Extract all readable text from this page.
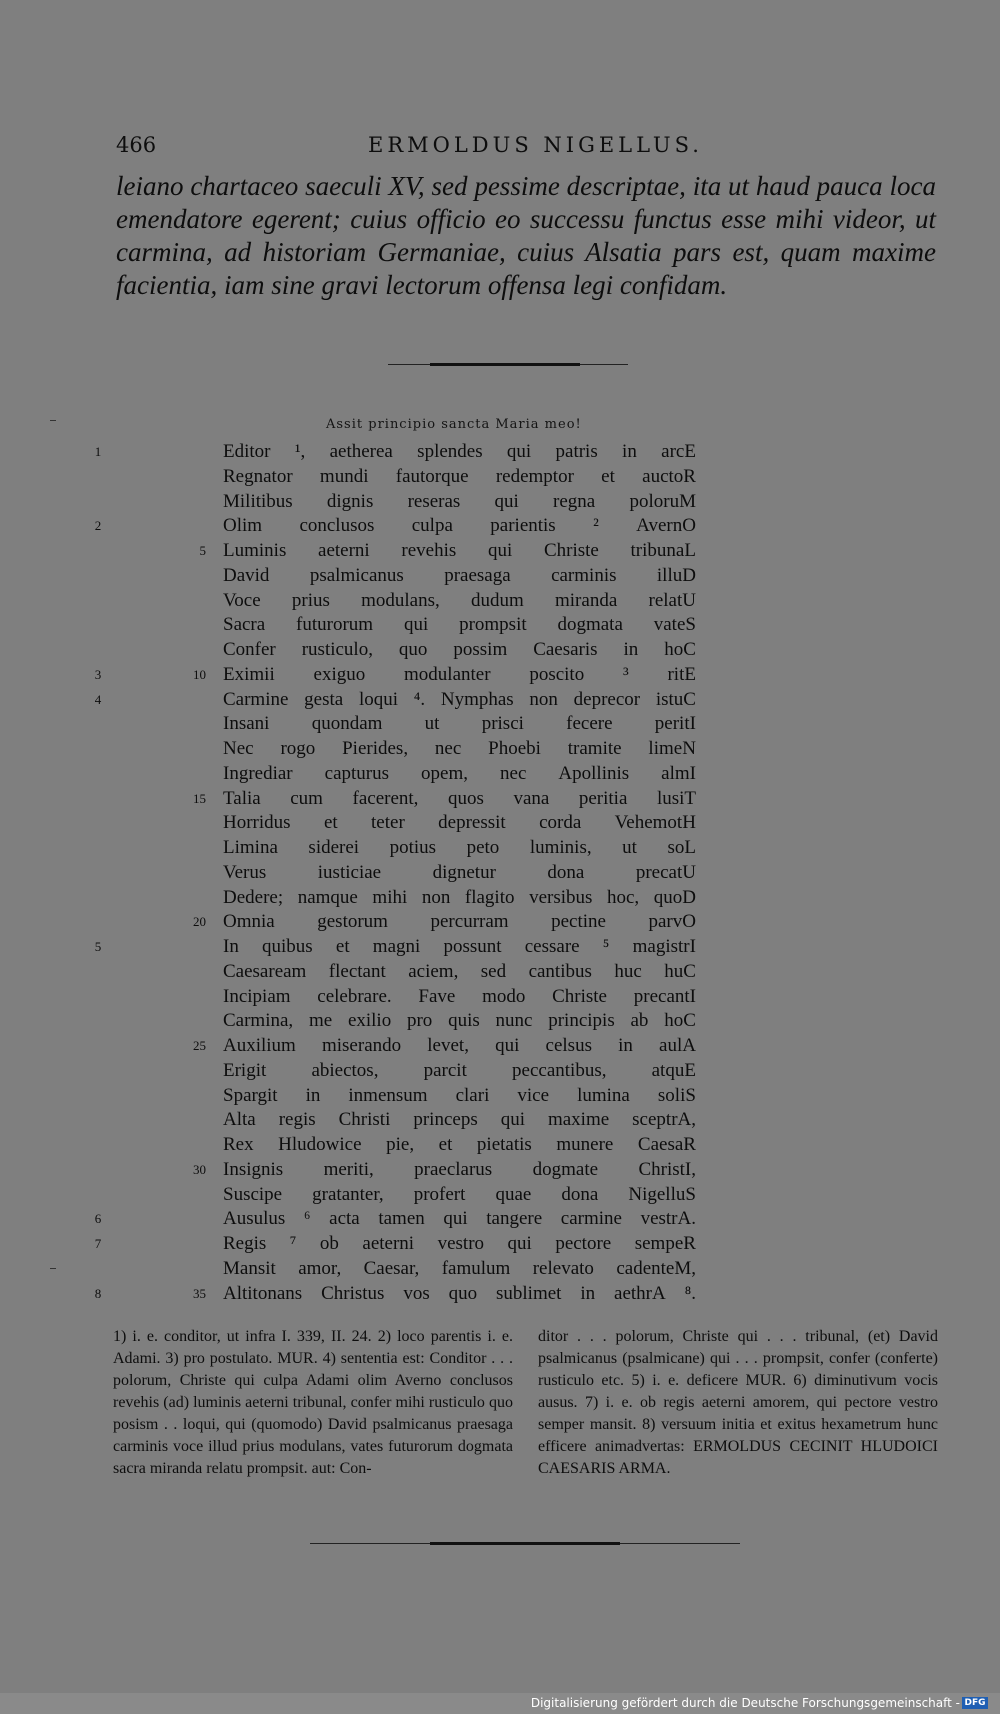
466	ERMOLDUS NIGELLUS.

leiano chartaceo saeculi XV, sed pessime descriptae, ita ut haud pauca loca emendatore egerent; cuius officio eo successu functus esse mihi videor, ut carmina, ad historiam Germaniae, cuius Alsatia pars est, quam maxime facientia, iam sine gravi lectorum offensa legi confidam.

Assit principio sancta Maria meo!
1	Editor ¹, aetherea splendes qui patris in arcE
Regnator mundi fautorque redemptor et auctoR
Militibus dignis reseras qui regna poloruM
2	Olim conclusos culpa parientis ² AvernO
5 Luminis aeterni revehis qui Christe tribunaL
David psalmicanus praesaga carminis illuD
Voce prius modulans, dudum miranda relatU
Sacra futurorum qui prompsit dogmata vateS
Confer rusticulo, quo possim Caesaris in hoC
3	10 Eximii exiguo modulanter poscito ³ ritE
4	Carmine gesta loqui ⁴. Nymphas non deprecor istuC
Insani quondam ut prisci fecere peritI
Nec rogo Pierides, nec Phoebi tramite limeN
Ingrediar capturus opem, nec Apollinis almI
15 Talia cum facerent, quos vana peritia lusiT
Horridus et teter depressit corda VehemotH
Limina siderei potius peto luminis, ut soL
Verus	iusticiae	dignetur	dona	precatU
Dedere; namque mihi non flagito versibus hoc, quoD
20 Omnia gestorum percurram pectine parvO
5	In quibus et magni possunt cessare ⁵ magistrI
Caesaream flectant aciem, sed cantibus huc huC
Incipiam celebrare. Fave modo Christe precantI
Carmina, me exilio pro quis nunc principis ab hoC
25 Auxilium miserando levet, qui celsus in aulA
Erigit abiectos, parcit peccantibus, atquE
Spargit in inmensum clari vice lumina soliS
Alta regis Christi princeps qui maxime sceptrA,
Rex Hludowice pie, et pietatis munere CaesaR
30 Insignis meriti, praeclarus dogmate ChristI,
Suscipe gratanter, profert quae dona NigelluS
6	Ausulus ⁶ acta tamen qui tangere carmine vestrA.
7	Regis ⁷ ob aeterni vestro qui pectore sempeR
Mansit amor, Caesar, famulum relevato cadenteM,
8	35 Altitonans Christus vos quo sublimet in aethrA ⁸.

1) i. e. conditor, ut infra I. 339, II. 24. 2) loco parentis i. e. Adami. 3) pro postulato. MUR. 4) sententia est: Conditor . . . polorum, Christe qui culpa Adami olim Averno conclusos revehis (ad) luminis aeterni tribunal, confer mihi rusticulo quo posism . . loqui, qui (quomodo) David psalmicanus praesaga carminis voce illud prius modulans, vates futurorum dogmata sacra miranda relatu prompsit. aut: Con-

ditor . . . polorum, Christe qui . . . tribunal, (et) David psalmicanus (psalmicane) qui . . . prompsit, confer (conferte) rusticulo etc. 5) i. e. deficere MUR. 6) diminutivum vocis ausus. 7) i. e. ob regis aeterni amorem, qui pectore vestro semper mansit. 8) versuum initia et exitus hexametrum hunc efficere animadvertas: ERMOLDUS CECINIT HLUDOICI CAESARIS ARMA.

Digitalisierung gefördert durch die Deutsche Forschungsgemeinschaft - DFG
